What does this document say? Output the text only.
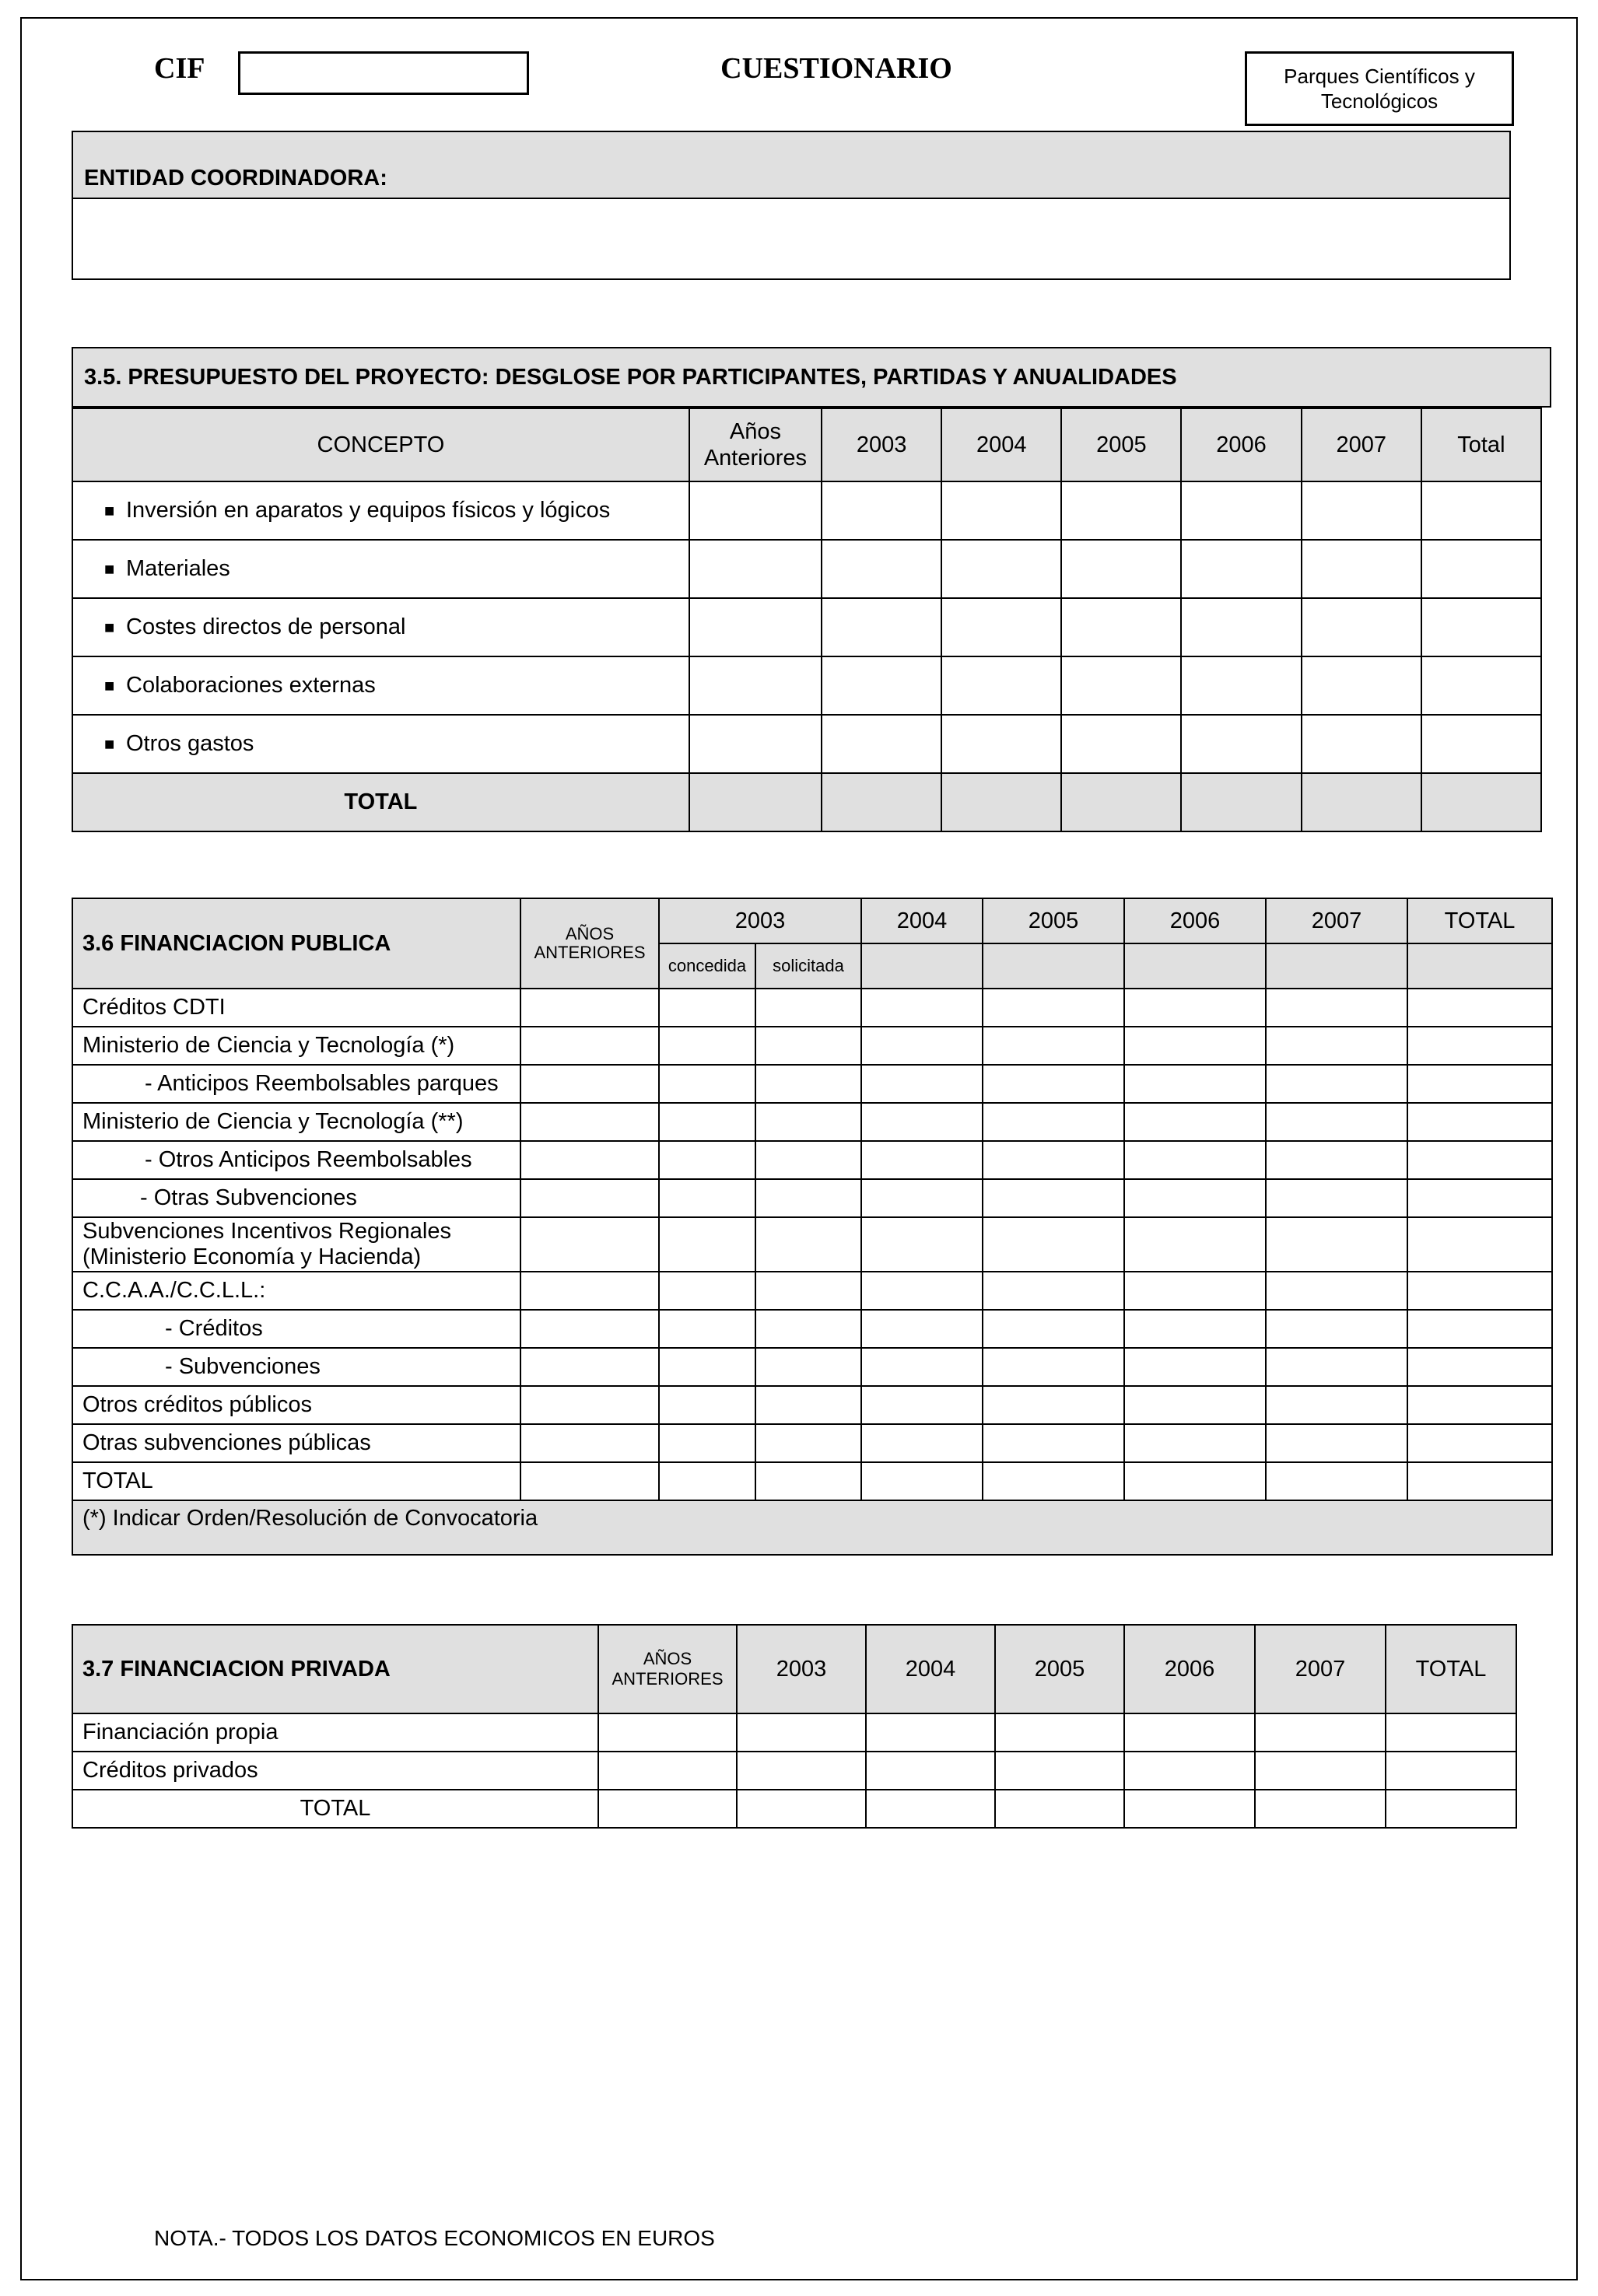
CIF	CUESTIONARIO	Parques Científicos y Tecnológicos
ENTIDAD COORDINADORA:
3.5. PRESUPUESTO DEL PROYECTO: DESGLOSE POR PARTICIPANTES, PARTIDAS Y ANUALIDADES
CONCEPTO	Años Anteriores	2003	2004	2005	2006	2007	Total
■ Inversión en aparatos y equipos físicos y lógicos							
■ Materiales							
■ Costes directos de personal							
■ Colaboraciones externas							
■ Otros gastos							
TOTAL							
3.6 FINANCIACION PUBLICA	AÑOS ANTERIORES	2003		2004	2005	2006	2007	TOTAL
		concedida	solicitada					
Créditos CDTI								
Ministerio de Ciencia y Tecnología (*)								
- Anticipos Reembolsables parques								
Ministerio de Ciencia y Tecnología (**)								
- Otros Anticipos Reembolsables								
- Otras Subvenciones								
Subvenciones Incentivos Regionales (Ministerio Economía y Hacienda)								
C.C.A.A./C.C.L.L.:								
- Créditos								
- Subvenciones								
Otros créditos públicos								
Otras subvenciones públicas								
TOTAL								
(*) Indicar Orden/Resolución de Convocatoria								
3.7 FINANCIACION PRIVADA	AÑOS ANTERIORES	2003	2004	2005	2006	2007	TOTAL
Financiación propia							
Créditos privados							
TOTAL							
NOTA.- TODOS LOS DATOS ECONOMICOS EN EUROS
